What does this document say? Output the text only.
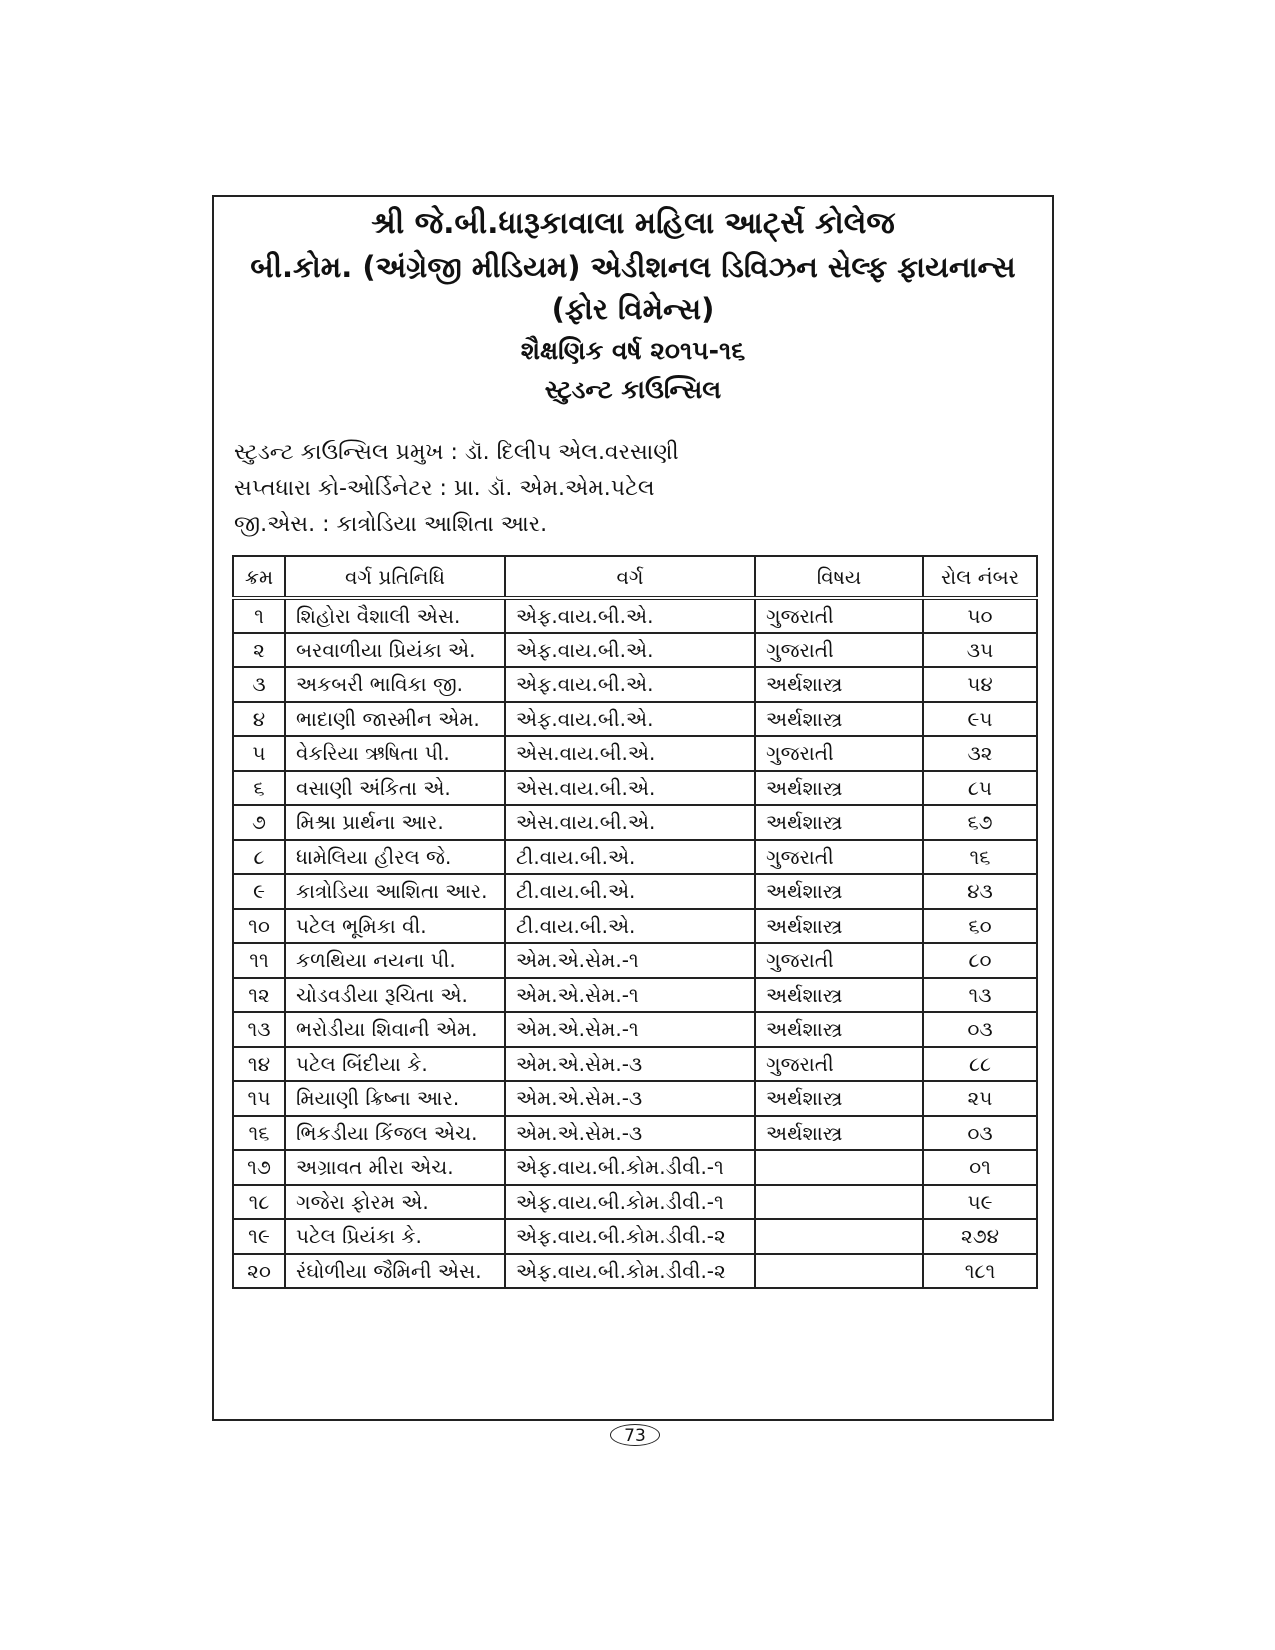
શ્રી જે.બી.ધારૂકાવાલા મહિલા આર્ટ્સ કોલેજ
બી.કોમ. (અંગ્રેજી મીડિયમ) એડીશનલ ડિવિઝન સેલ્ફ ફાયનાન્સ
(ફોર વિમેન્સ)
શૈક્ષણિક વર્ષ ૨૦૧૫-૧૬
સ્ટુડન્ટ કાઉન્સિલ
સ્ટુડન્ટ કાઉન્સિલ પ્રમુખ : ડૉ. દિલીપ એલ.વરસાણી
સપ્તધારા કો-ઓર્ડિનેટર : પ્રા. ડૉ. એમ.એમ.પટેલ
જી.એસ. : કાત્રોડિયા આશિતા આર.
ક્રમ	વર્ગ પ્રતિનિધિ	વર્ગ	વિષય	રોલ નંબર
૧	શિહોરા વૈશાલી એસ.	એફ.વાય.બી.એ.	ગુજરાતી	૫૦
૨	બરવાળીયા પ્રિયંકા એ.	એફ.વાય.બી.એ.	ગુજરાતી	૩૫
૩	અકબરી ભાવિકા જી.	એફ.વાય.બી.એ.	અર્થશાસ્ત્ર	૫૪
૪	ભાદાણી જાસ્મીન એમ.	એફ.વાય.બી.એ.	અર્થશાસ્ત્ર	૯૫
૫	વેકરિયા ઋષિતા પી.	એસ.વાય.બી.એ.	ગુજરાતી	૩૨
૬	વસાણી અંકિતા એ.	એસ.વાય.બી.એ.	અર્થશાસ્ત્ર	૮૫
૭	મિશ્રા પ્રાર્થના આર.	એસ.વાય.બી.એ.	અર્થશાસ્ત્ર	૬૭
૮	ધામેલિયા હીરલ જે.	ટી.વાય.બી.એ.	ગુજરાતી	૧૬
૯	કાત્રોડિયા આશિતા આર.	ટી.વાય.બી.એ.	અર્થશાસ્ત્ર	૪૩
૧૦	પટેલ ભૂમિકા વી.	ટી.વાય.બી.એ.	અર્થશાસ્ત્ર	૬૦
૧૧	કળથિયા નયના પી.	એમ.એ.સેમ.-૧	ગુજરાતી	૮૦
૧૨	ચોડવડીયા રૂચિતા એ.	એમ.એ.સેમ.-૧	અર્થશાસ્ત્ર	૧૩
૧૩	ભરોડીયા શિવાની એમ.	એમ.એ.સેમ.-૧	અર્થશાસ્ત્ર	૦૩
૧૪	પટેલ બિંદીયા કે.	એમ.એ.સેમ.-૩	ગુજરાતી	૮૮
૧૫	મિયાણી ક્રિષ્ના આર.	એમ.એ.સેમ.-૩	અર્થશાસ્ત્ર	૨૫
૧૬	ભિકડીયા કિંજલ એચ.	એમ.એ.સેમ.-૩	અર્થશાસ્ત્ર	૦૩
૧૭	અગ્રાવત મીરા એચ.	એફ.વાય.બી.કોમ.ડીવી.-૧		૦૧
૧૮	ગજેરા ફોરમ એ.	એફ.વાય.બી.કોમ.ડીવી.-૧		૫૯
૧૯	પટેલ પ્રિયંકા કે.	એફ.વાય.બી.કોમ.ડીવી.-૨		૨૭૪
૨૦	રંઘોળીયા જૈમિની એસ.	એફ.વાય.બી.કોમ.ડીવી.-૨		૧૮૧
73
